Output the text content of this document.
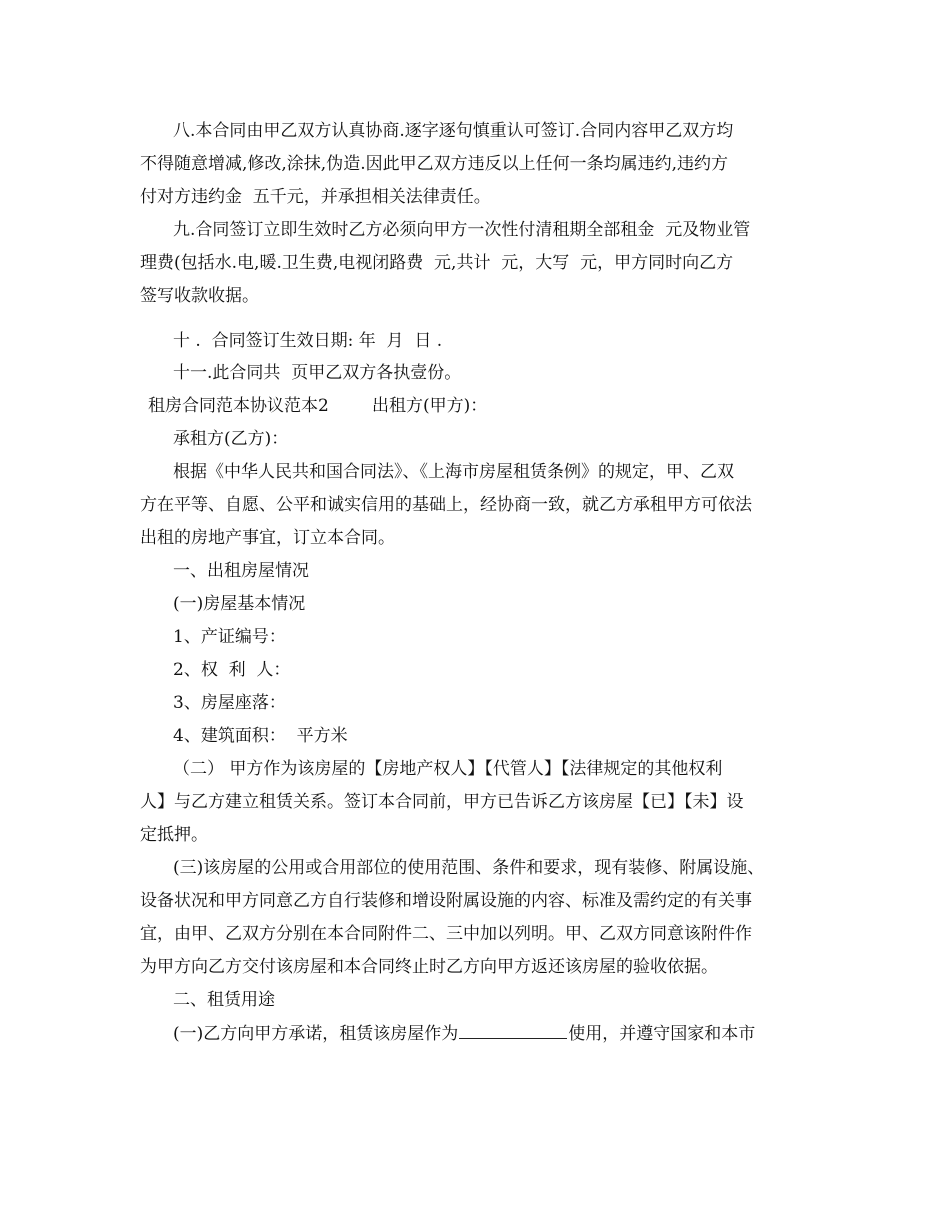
八.本合同由甲乙双方认真协商.逐字逐句慎重认可签订.合同内容甲乙双方均
不得随意增减,修改,涂抹,伪造.因此甲乙双方违反以上任何一条均属违约,违约方
付对方违约金  五千元，并承担相关法律责任。
九.合同签订立即生效时乙方必须向甲方一次性付清租期全部租金  元及物业管
理费(包括水.电,暖.卫生费,电视闭路费  元,共计  元，大写  元，甲方同时向乙方
签写收款收据。
十 .  合同签订生效日期: 年  月  日 .
十一.此合同共  页甲乙双方各执壹份。
租房合同范本协议范本2        出租方(甲方)：
承租方(乙方)：
根据《中华人民共和国合同法》、《上海市房屋租赁条例》的规定，甲、乙双
方在平等、自愿、公平和诚实信用的基础上，经协商一致，就乙方承租甲方可依法
出租的房地产事宜，订立本合同。
一、出租房屋情况
(一)房屋基本情况
1、产证编号：
2、权  利  人：
3、房屋座落：
4、建筑面积：  平方米
（二） 甲方作为该房屋的【房地产权人】【代管人】【法律规定的其他权利
人】与乙方建立租赁关系。签订本合同前，甲方已告诉乙方该房屋【已】【未】设
定抵押。
(三)该房屋的公用或合用部位的使用范围、条件和要求，现有装修、附属设施、
设备状况和甲方同意乙方自行装修和增设附属设施的内容、标准及需约定的有关事
宜，由甲、乙双方分别在本合同附件二、三中加以列明。甲、乙双方同意该附件作
为甲方向乙方交付该房屋和本合同终止时乙方向甲方返还该房屋的验收依据。
二、租赁用途
(一)乙方向甲方承诺，租赁该房屋作为	使用，并遵守国家和本市
